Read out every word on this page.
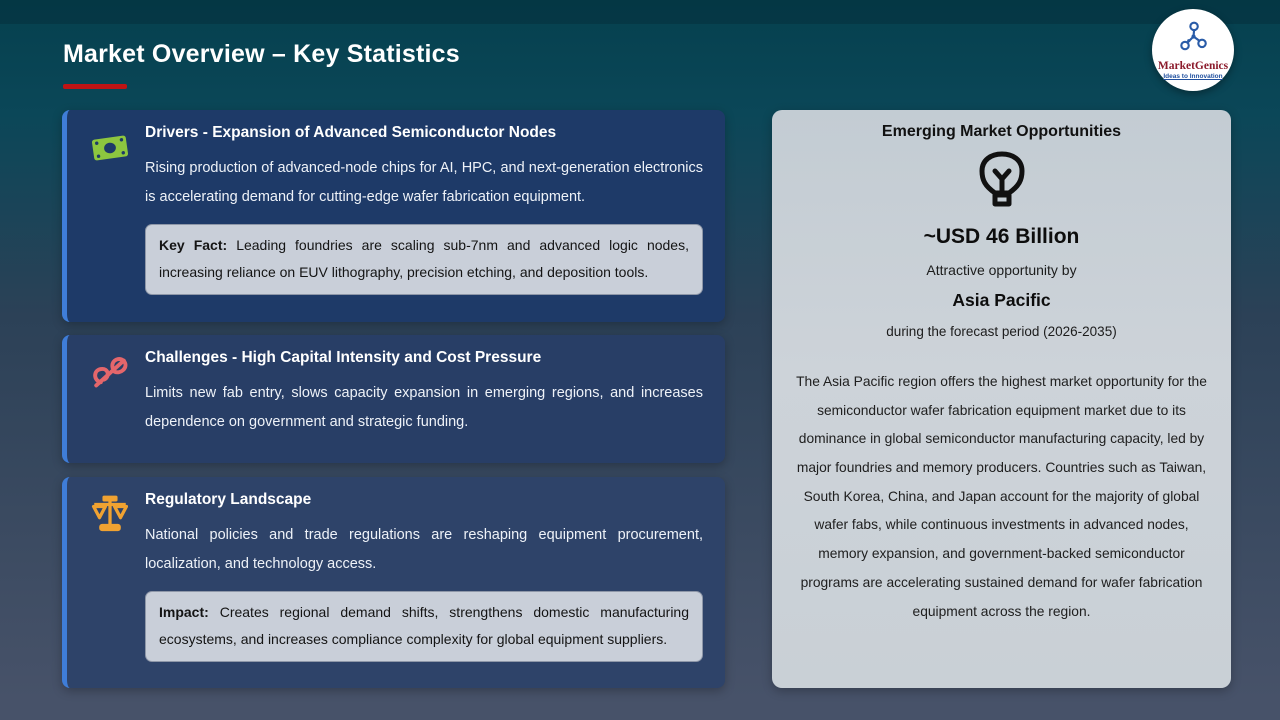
Market Overview – Key Statistics	MarketGenics
Ideas to Innovation
Drivers - Expansion of Advanced Semiconductor Nodes
Rising production of advanced-node chips for AI, HPC, and next-generation electronics is accelerating demand for cutting-edge wafer fabrication equipment.
Key Fact: Leading foundries are scaling sub-7nm and advanced logic nodes, increasing reliance on EUV lithography, precision etching, and deposition tools.
Challenges - High Capital Intensity and Cost Pressure
Limits new fab entry, slows capacity expansion in emerging regions, and increases dependence on government and strategic funding.
Regulatory Landscape
National policies and trade regulations are reshaping equipment procurement, localization, and technology access.
Impact: Creates regional demand shifts, strengthens domestic manufacturing ecosystems, and increases compliance complexity for global equipment suppliers.
Emerging Market Opportunities
~USD 46 Billion
Attractive opportunity by
Asia Pacific
during the forecast period (2026-2035)
The Asia Pacific region offers the highest market opportunity for the semiconductor wafer fabrication equipment market due to its dominance in global semiconductor manufacturing capacity, led by major foundries and memory producers. Countries such as Taiwan, South Korea, China, and Japan account for the majority of global wafer fabs, while continuous investments in advanced nodes, memory expansion, and government-backed semiconductor programs are accelerating sustained demand for wafer fabrication equipment across the region.
